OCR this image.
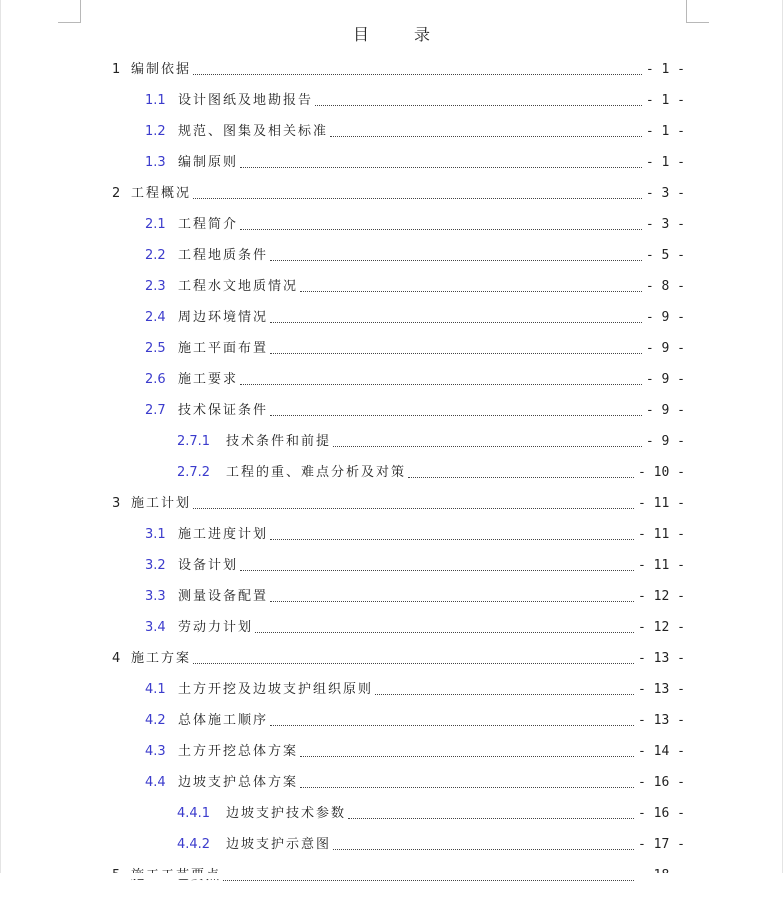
目 录
1 编制依据	- 1 -
1.1 设计图纸及地勘报告	- 1 -
1.2 规范、图集及相关标准	- 1 -
1.3 编制原则	- 1 -
2 工程概况	- 3 -
2.1 工程简介	- 3 -
2.2 工程地质条件	- 5 -
2.3 工程水文地质情况	- 8 -
2.4 周边环境情况	- 9 -
2.5 施工平面布置	- 9 -
2.6 施工要求	- 9 -
2.7 技术保证条件	- 9 -
2.7.1 技术条件和前提	- 9 -
2.7.2 工程的重、难点分析及对策	- 10 -
3 施工计划	- 11 -
3.1 施工进度计划	- 11 -
3.2 设备计划	- 11 -
3.3 测量设备配置	- 12 -
3.4 劳动力计划	- 12 -
4 施工方案	- 13 -
4.1 土方开挖及边坡支护组织原则	- 13 -
4.2 总体施工顺序	- 13 -
4.3 土方开挖总体方案	- 14 -
4.4 边坡支护总体方案	- 16 -
4.4.1 边坡支护技术参数	- 16 -
4.4.2 边坡支护示意图	- 17 -
